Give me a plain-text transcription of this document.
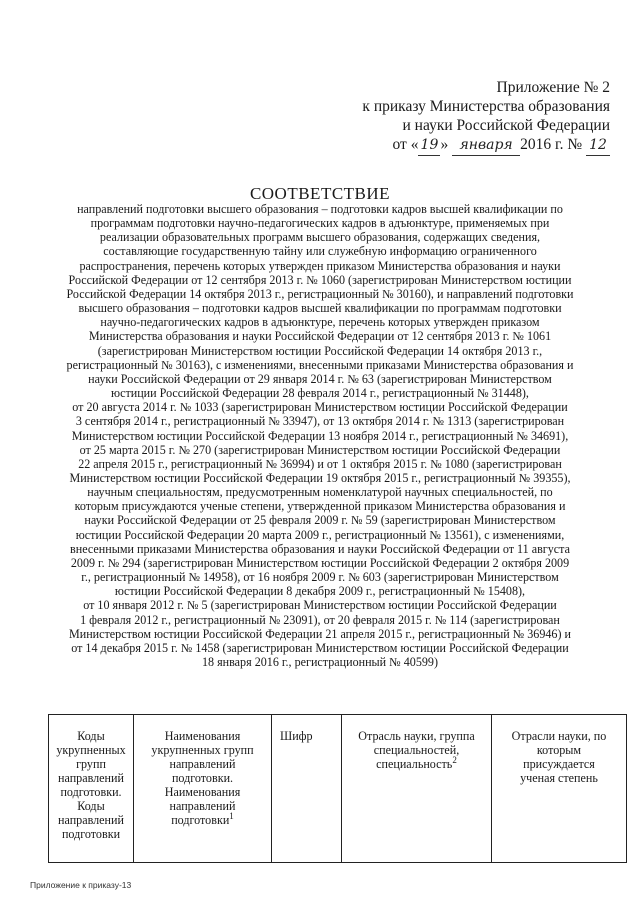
Приложение № 2
к приказу Министерства образования
и науки Российской Федерации
от « 19 » января 2016 г. № 12
СООТВЕТСТВИЕ

направлений подготовки высшего образования – подготовки кадров высшей квалификации по
программам подготовки научно-педагогических кадров в адъюнктуре, применяемых при
реализации образовательных программ высшего образования, содержащих сведения,
составляющие государственную тайну или служебную информацию ограниченного
распространения, перечень которых утвержден приказом Министерства образования и науки
Российской Федерации от 12 сентября 2013 г. № 1060 (зарегистрирован Министерством юстиции
Российской Федерации 14 октября 2013 г., регистрационный № 30160), и направлений подготовки
высшего образования – подготовки кадров высшей квалификации по программам подготовки
научно-педагогических кадров в адъюнктуре, перечень которых утвержден приказом
Министерства образования и науки Российской Федерации от 12 сентября 2013 г. № 1061
(зарегистрирован Министерством юстиции Российской Федерации 14 октября 2013 г.,
регистрационный № 30163), с изменениями, внесенными приказами Министерства образования и
науки Российской Федерации от 29 января 2014 г. № 63 (зарегистрирован Министерством
юстиции Российской Федерации 28 февраля 2014 г., регистрационный № 31448),
от 20 августа 2014 г. № 1033 (зарегистрирован Министерством юстиции Российской Федерации
3 сентября 2014 г., регистрационный № 33947), от 13 октября 2014 г. № 1313 (зарегистрирован
Министерством юстиции Российской Федерации 13 ноября 2014 г., регистрационный № 34691),
от 25 марта 2015 г. № 270 (зарегистрирован Министерством юстиции Российской Федерации
22 апреля 2015 г., регистрационный № 36994) и от 1 октября 2015 г. № 1080 (зарегистрирован
Министерством юстиции Российской Федерации 19 октября 2015 г., регистрационный № 39355),
научным специальностям, предусмотренным номенклатурой научных специальностей, по
которым присуждаются ученые степени, утвержденной приказом Министерства образования и
науки Российской Федерации от 25 февраля 2009 г. № 59 (зарегистрирован Министерством
юстиции Российской Федерации 20 марта 2009 г., регистрационный № 13561), с изменениями,
внесенными приказами Министерства образования и науки Российской Федерации от 11 августа
2009 г. № 294 (зарегистрирован Министерством юстиции Российской Федерации 2 октября 2009
г., регистрационный № 14958), от 16 ноября 2009 г. № 603 (зарегистрирован Министерством
юстиции Российской Федерации 8 декабря 2009 г., регистрационный № 15408),
от 10 января 2012 г. № 5 (зарегистрирован Министерством юстиции Российской Федерации
1 февраля 2012 г., регистрационный № 23091), от 20 февраля 2015 г. № 114 (зарегистрирован
Министерством юстиции Российской Федерации 21 апреля 2015 г., регистрационный № 36946) и
от 14 декабря 2015 г. № 1458 (зарегистрирован Министерством юстиции Российской Федерации
18 января 2016 г., регистрационный № 40599)

Коды
укрупненных
групп
направлений
подготовки.
Коды
направлений
подготовки	Наименования
укрупненных групп
направлений
подготовки.
Наименования
направлений
подготовки$^1$	Шифр	Отрасль науки, группа
специальностей,
специальность$^2$	Отрасли науки, по
которым
присуждается
ученая степень
Приложение к приказу-13
